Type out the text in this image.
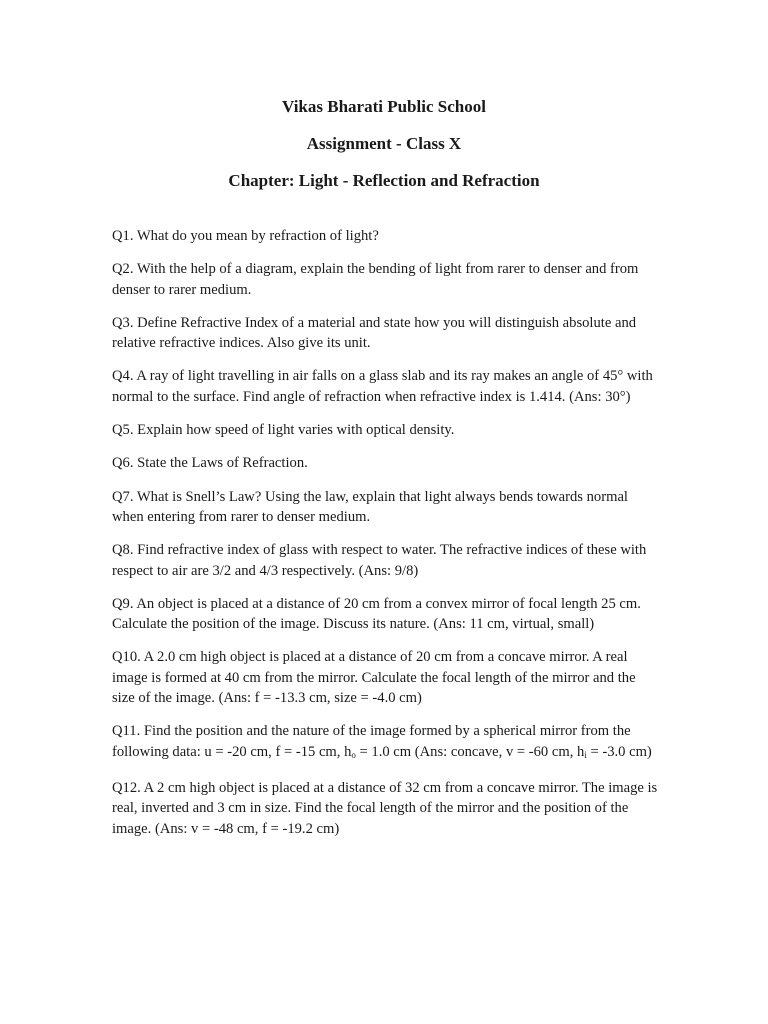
Vikas Bharati Public School
Assignment - Class X
Chapter: Light - Reflection and Refraction

Q1. What do you mean by refraction of light?

Q2. With the help of a diagram, explain the bending of light from rarer to denser and from denser to rarer medium.

Q3. Define Refractive Index of a material and state how you will distinguish absolute and relative refractive indices. Also give its unit.

Q4. A ray of light travelling in air falls on a glass slab and its ray makes an angle of 45° with normal to the surface. Find angle of refraction when refractive index is 1.414. (Ans: 30°)

Q5. Explain how speed of light varies with optical density.

Q6. State the Laws of Refraction.

Q7. What is Snell’s Law? Using the law, explain that light always bends towards normal when entering from rarer to denser medium.

Q8. Find refractive index of glass with respect to water. The refractive indices of these with respect to air are 3/2 and 4/3 respectively. (Ans: 9/8)

Q9. An object is placed at a distance of 20 cm from a convex mirror of focal length 25 cm. Calculate the position of the image. Discuss its nature. (Ans: 11 cm, virtual, small)

Q10. A 2.0 cm high object is placed at a distance of 20 cm from a concave mirror. A real image is formed at 40 cm from the mirror. Calculate the focal length of the mirror and the size of the image. (Ans: f = -13.3 cm, size = -4.0 cm)

Q11. Find the position and the nature of the image formed by a spherical mirror from the following data: u = -20 cm, f = -15 cm, $h_o = 1.0$ cm (Ans: concave, v = -60 cm, $h_i = -3.0$ cm)

Q12. A 2 cm high object is placed at a distance of 32 cm from a concave mirror. The image is real, inverted and 3 cm in size. Find the focal length of the mirror and the position of the image. (Ans: v = -48 cm, f = -19.2 cm)
